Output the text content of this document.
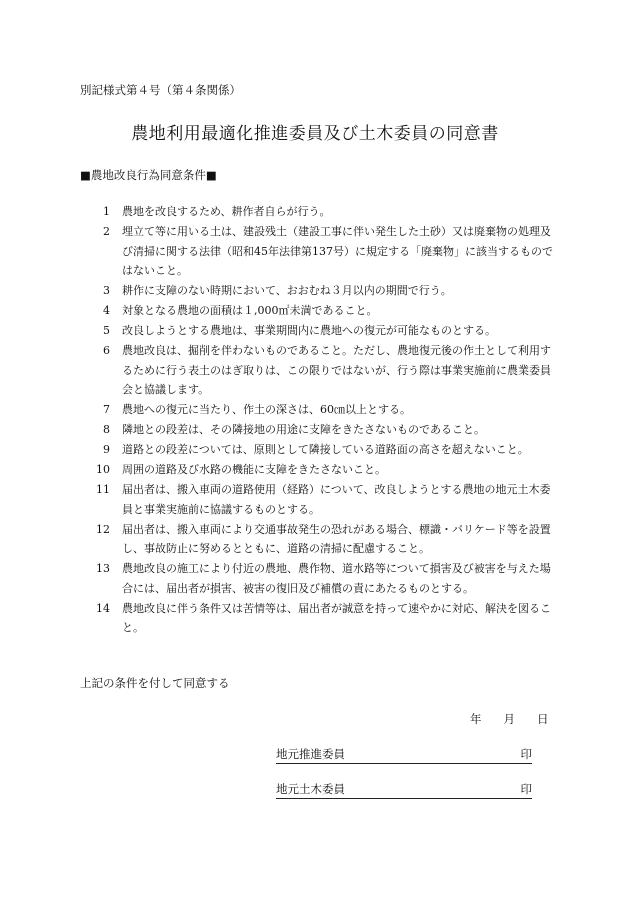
別記様式第４号（第４条関係）
農地利用最適化推進委員及び土木委員の同意書
■農地改良行為同意条件■
1	農地を改良するため、耕作者自らが行う。
2	埋立て等に用いる土は、建設残土（建設工事に伴い発生した土砂）又は廃棄物の処理及び清掃に関する法律（昭和45年法律第137号）に規定する「廃棄物」に該当するものではないこと。
3	耕作に支障のない時期において、おおむね３月以内の期間で行う。
4	対象となる農地の面積は１,000㎡未満であること。
5	改良しようとする農地は、事業期間内に農地への復元が可能なものとする。
6	農地改良は、掘削を伴わないものであること。ただし、農地復元後の作土として利用するために行う表土のはぎ取りは、この限りではないが、行う際は事業実施前に農業委員会と協議します。
7	農地への復元に当たり、作土の深さは、60㎝以上とする。
8	隣地との段差は、その隣接地の用途に支障をきたさないものであること。
9	道路との段差については、原則として隣接している道路面の高さを超えないこと。
10	周囲の道路及び水路の機能に支障をきたさないこと。
11	届出者は、搬入車両の道路使用（経路）について、改良しようとする農地の地元土木委員と事業実施前に協議するものとする。
12	届出者は、搬入車両により交通事故発生の恐れがある場合、標識・バリケード等を設置し、事故防止に努めるとともに、道路の清掃に配慮すること。
13	農地改良の施工により付近の農地、農作物、道水路等について損害及び被害を与えた場合には、届出者が損害、被害の復旧及び補償の責にあたるものとする。
14	農地改良に伴う条件又は苦情等は、届出者が誠意を持って速やかに対応、解決を図ること。
上記の条件を付して同意する
年 月 日
地元推進委員	印
地元土木委員	印
